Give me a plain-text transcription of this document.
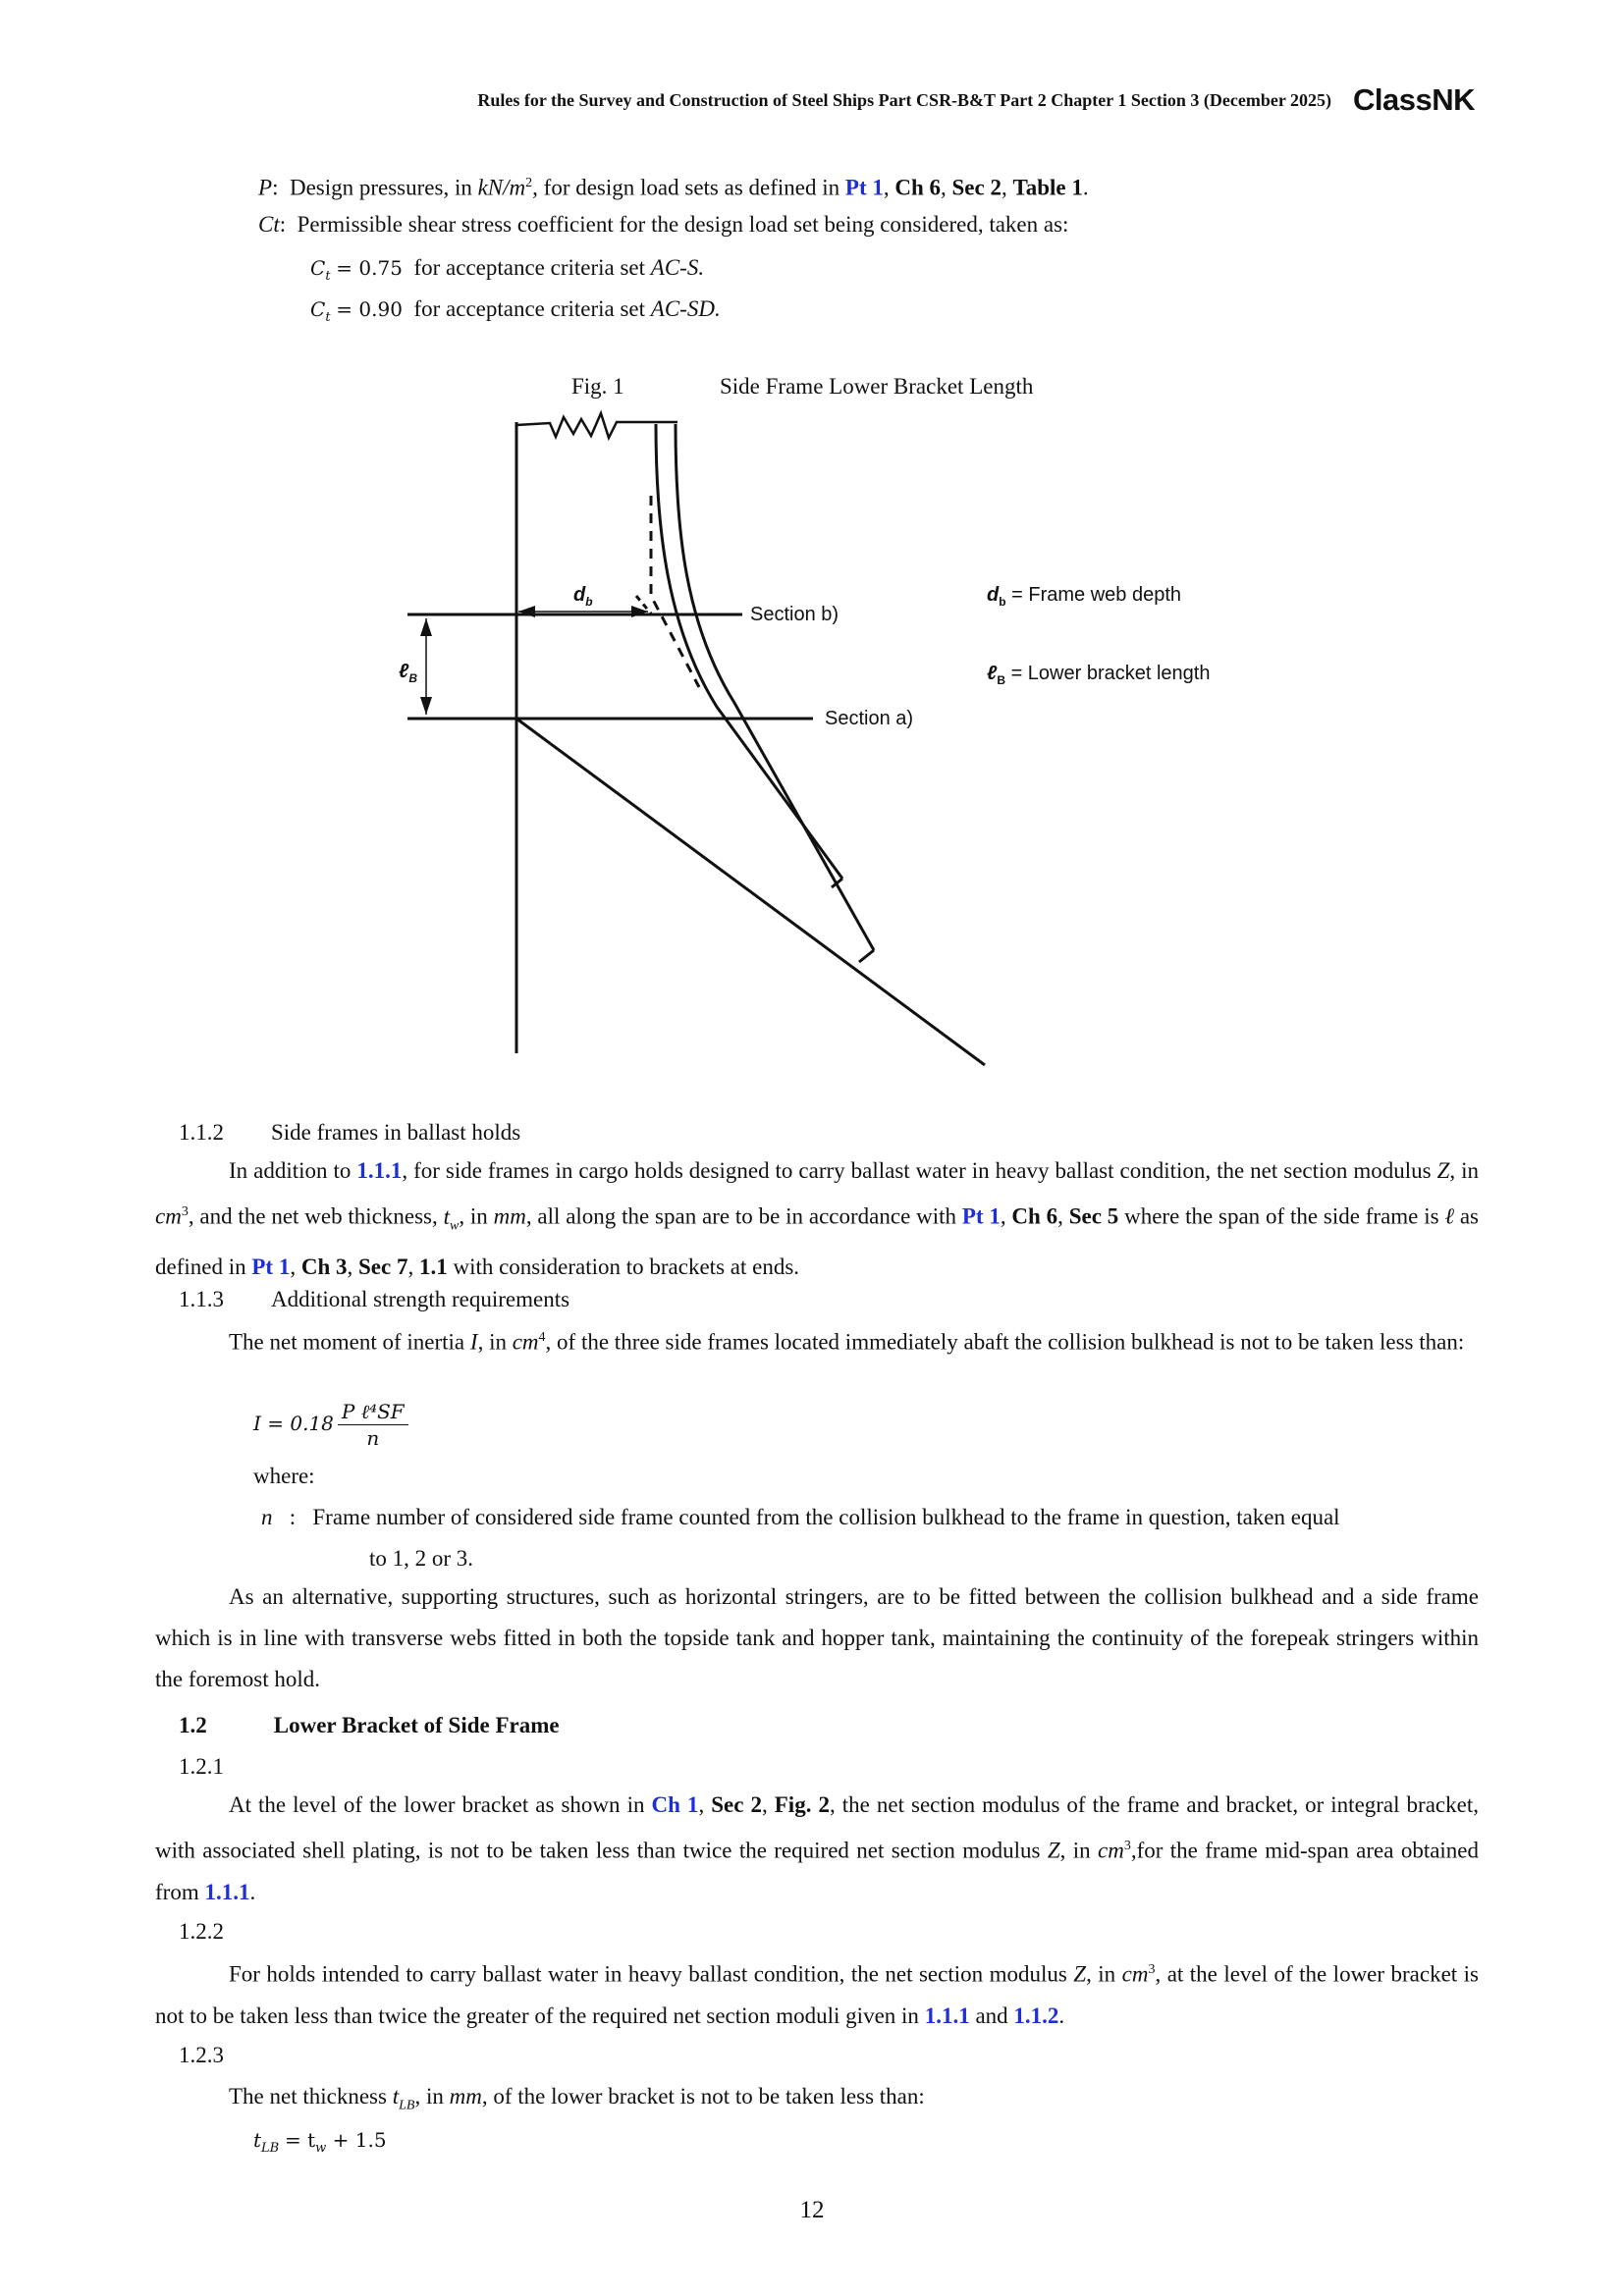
Rules for the Survey and Construction of Steel Ships Part CSR-B&T Part 2 Chapter 1 Section 3 (December 2025) ClassNK
P:  Design pressures, in $kN/m^2$, for design load sets as defined in Pt 1, Ch 6, Sec 2, Table 1.
Ct:  Permissible shear stress coefficient for the design load set being considered, taken as:
$C_t = 0.75$ for acceptance criteria set AC-S.
$C_t = 0.90$ for acceptance criteria set AC-SD.
Fig. 1	Side Frame Lower Bracket Length
$d_b$
ℓ$_B$
Section b)
Section a)
$d_b$ = Frame web depth
ℓ$_B$ = Lower bracket length
1.1.2 Side frames in ballast holds
In addition to 1.1.1, for side frames in cargo holds designed to carry ballast water in heavy ballast condition, the net section modulus Z, in $cm^3$, and the net web thickness, $t_w$, in mm, all along the span are to be in accordance with Pt 1, Ch 6, Sec 5 where the span of the side frame is ℓ as defined in Pt 1, Ch 3, Sec 7, 1.1 with consideration to brackets at ends.
1.1.3 Additional strength requirements
The net moment of inertia I, in $cm^4$, of the three side frames located immediately abaft the collision bulkhead is not to be taken less than:
$I = 0.18 \frac{\text{P ℓ⁴SF}}{n}$
where:
n   :   Frame number of considered side frame counted from the collision bulkhead to the frame in question, taken equal
to 1, 2 or 3.
As an alternative, supporting structures, such as horizontal stringers, are to be fitted between the collision bulkhead and a side frame which is in line with transverse webs fitted in both the topside tank and hopper tank, maintaining the continuity of the forepeak stringers within the foremost hold.
1.2	Lower Bracket of Side Frame
1.2.1
At the level of the lower bracket as shown in Ch 1, Sec 2, Fig. 2, the net section modulus of the frame and bracket, or integral bracket, with associated shell plating, is not to be taken less than twice the required net section modulus Z, in $cm^3,for$ the frame mid-span area obtained from 1.1.1.
1.2.2
For holds intended to carry ballast water in heavy ballast condition, the net section modulus Z, in $cm^3$, at the level of the lower bracket is not to be taken less than twice the greater of the required net section moduli given in 1.1.1 and 1.1.2.
1.2.3
The net thickness $t_{LB}$, in mm, of the lower bracket is not to be taken less than:
$t_{LB} = t_w + 1.5$
12
